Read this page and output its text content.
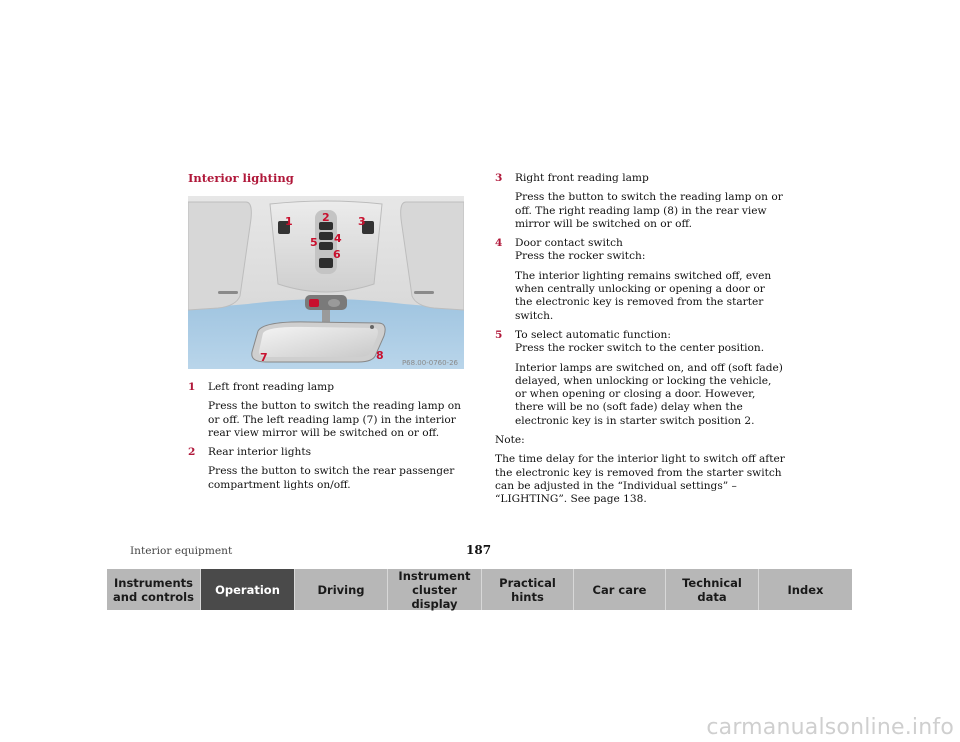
Interior lighting
1	2	3
4
5
6
7	8
P68.00-0760-26
1 Left front reading lamp

Press the button to switch the reading lamp on or off. The left reading lamp (7) in the interior rear view mirror will be switched on or off.

2 Rear interior lights

Press the button to switch the rear passenger compartment lights on/off.

3 Right front reading lamp

Press the button to switch the reading lamp on or off. The right reading lamp (8) in the rear view mirror will be switched on or off.

4 Door contact switch

Press the rocker switch:

The interior lighting remains switched off, even when centrally unlocking or opening a door or the electronic key is removed from the starter switch.

5 To select automatic function:

Press the rocker switch to the center position.

Interior lamps are switched on, and off (soft fade) delayed, when unlocking or locking the vehicle, or when opening or closing a door. However, there will be no (soft fade) delay when the electronic key is in starter switch position 2.

Note:

The time delay for the interior light to switch off after the electronic key is removed from the starter switch can be adjusted in the “Individual settings” – “LIGHTING”. See page 138.

Interior equipment	187
Instruments and controls	Operation	Driving
Instrument cluster display
Practical hints	Car care	Technical data	Index
carmanualsonline.info
